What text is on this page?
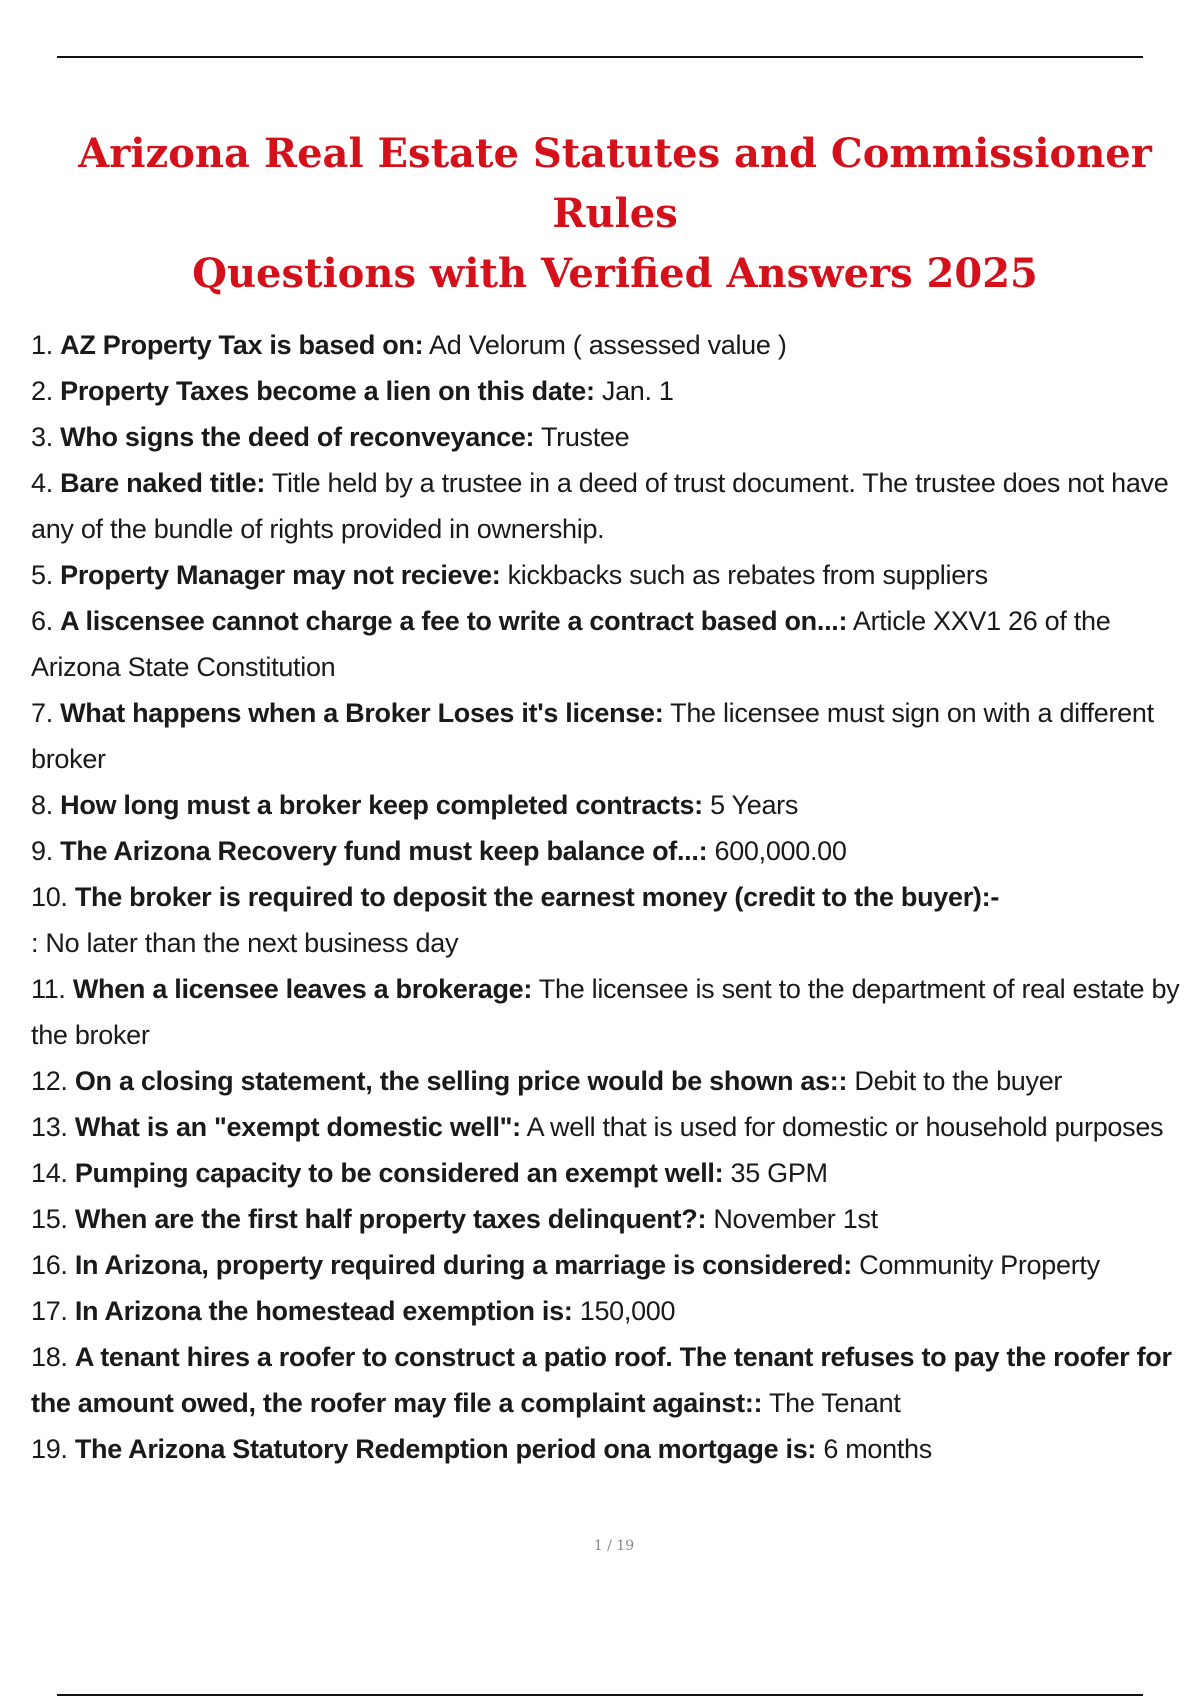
Arizona Real Estate Statutes and Commissioner Rules
Questions with Verified Answers 2025
1. AZ Property Tax is based on: Ad Velorum ( assessed value )
2. Property Taxes become a lien on this date: Jan. 1
3. Who signs the deed of reconveyance: Trustee
4. Bare naked title: Title held by a trustee in a deed of trust document. The trustee does not have any of the bundle of rights provided in ownership.
5. Property Manager may not recieve: kickbacks such as rebates from suppliers
6. A liscensee cannot charge a fee to write a contract based on...: Article XXV1 26 of the Arizona State Constitution
7. What happens when a Broker Loses it's license: The licensee must sign on with a different broker
8. How long must a broker keep completed contracts: 5 Years
9. The Arizona Recovery fund must keep balance of...: 600,000.00
10. The broker is required to deposit the earnest money (credit to the buyer):-
: No later than the next business day
11. When a licensee leaves a brokerage: The licensee is sent to the department of real estate by the broker
12. On a closing statement, the selling price would be shown as:: Debit to the buyer
13. What is an "exempt domestic well": A well that is used for domestic or household purposes
14. Pumping capacity to be considered an exempt well: 35 GPM
15. When are the first half property taxes delinquent?: November 1st
16. In Arizona, property required during a marriage is considered: Community Property
17. In Arizona the homestead exemption is: 150,000
18. A tenant hires a roofer to construct a patio roof. The tenant refuses to pay the roofer for the amount owed, the roofer may file a complaint against:: The Tenant
19. The Arizona Statutory Redemption period ona mortgage is: 6 months
1 / 19
